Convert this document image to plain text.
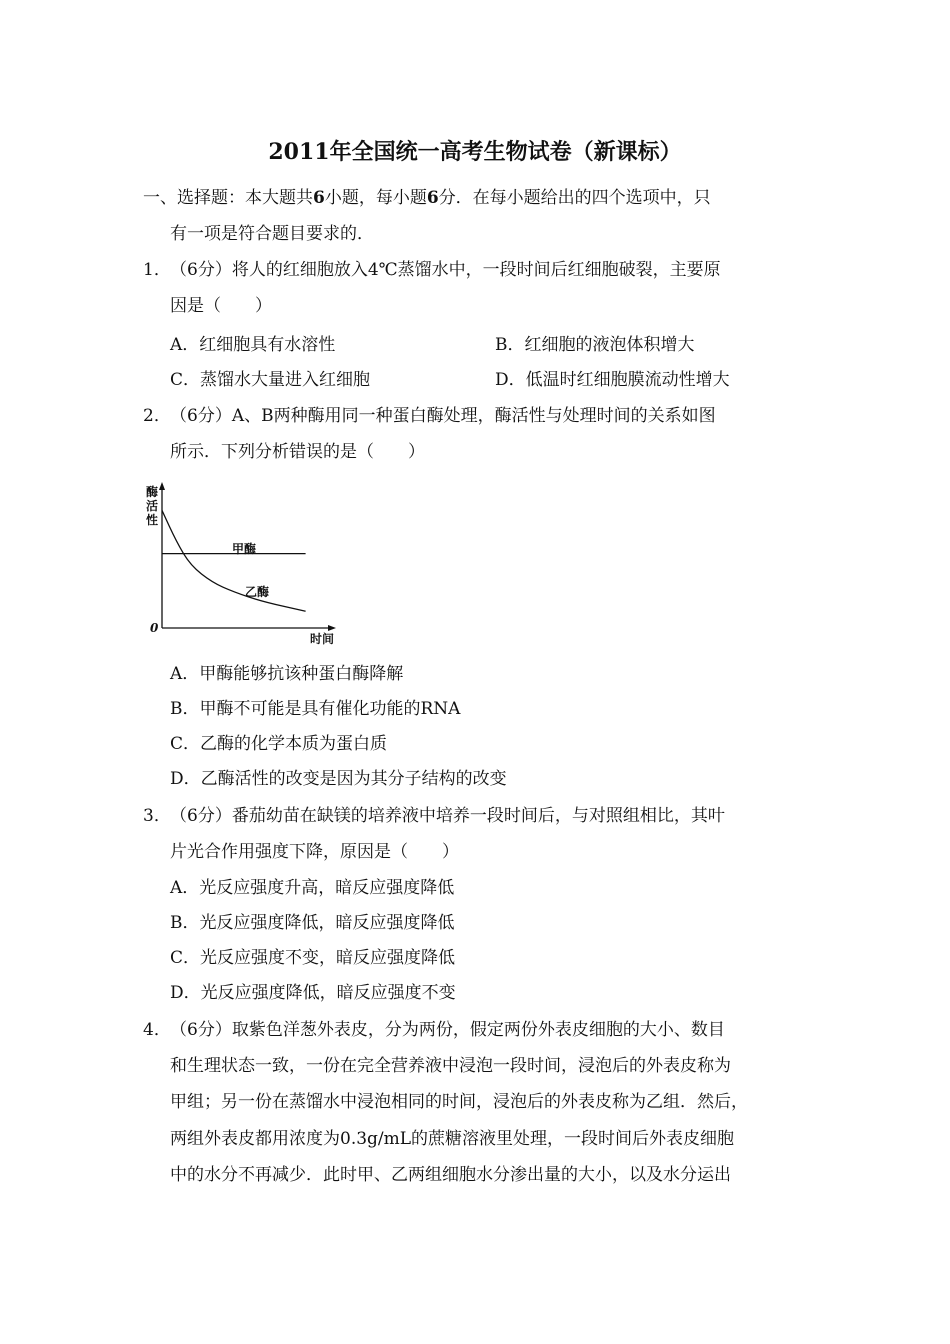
2011年全国统一高考生物试卷（新课标）
一、选择题：本大题共6小题，每小题6分．在每小题给出的四个选项中，只
有一项是符合题目要求的．
1． （6分）将人的红细胞放入4℃蒸馏水中，一段时间后红细胞破裂，主要原
因是（　　）
A．红细胞具有水溶性	B．红细胞的液泡体积增大
C．蒸馏水大量进入红细胞	D．低温时红细胞膜流动性增大
2． （6分）A、B两种酶用同一种蛋白酶处理，酶活性与处理时间的关系如图
所示．下列分析错误的是（　　）
酶
活
性
0
时间
甲酶
乙酶
A．甲酶能够抗该种蛋白酶降解
B．甲酶不可能是具有催化功能的RNA
C．乙酶的化学本质为蛋白质
D．乙酶活性的改变是因为其分子结构的改变
3． （6分）番茄幼苗在缺镁的培养液中培养一段时间后，与对照组相比，其叶
片光合作用强度下降，原因是（　　）
A．光反应强度升高，暗反应强度降低
B．光反应强度降低，暗反应强度降低
C．光反应强度不变，暗反应强度降低
D．光反应强度降低，暗反应强度不变
4． （6分）取紫色洋葱外表皮，分为两份，假定两份外表皮细胞的大小、数目
和生理状态一致，一份在完全营养液中浸泡一段时间，浸泡后的外表皮称为
甲组；另一份在蒸馏水中浸泡相同的时间，浸泡后的外表皮称为乙组．然后，
两组外表皮都用浓度为0.3g/mL的蔗糖溶液里处理，一段时间后外表皮细胞
中的水分不再减少．此时甲、乙两组细胞水分渗出量的大小，以及水分运出
